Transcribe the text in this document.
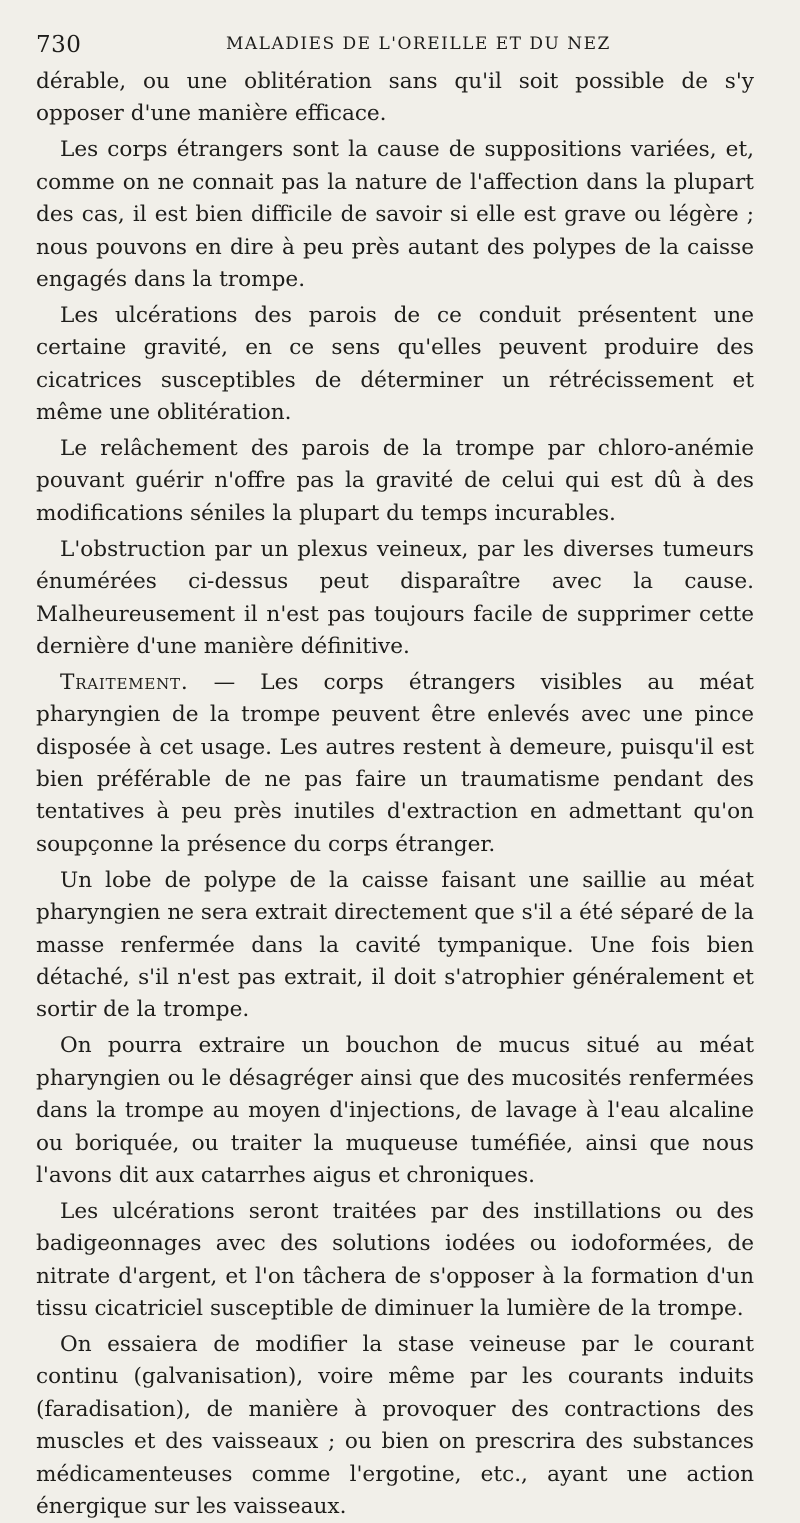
730	MALADIES DE L'OREILLE ET DU NEZ

dérable, ou une oblitération sans qu'il soit possible de s'y opposer d'une manière efficace.

Les corps étrangers sont la cause de suppositions variées, et, comme on ne connait pas la nature de l'affection dans la plupart des cas, il est bien difficile de savoir si elle est grave ou légère ; nous pouvons en dire à peu près autant des polypes de la caisse engagés dans la trompe.

Les ulcérations des parois de ce conduit présentent une certaine gravité, en ce sens qu'elles peuvent produire des cicatrices susceptibles de déterminer un rétrécissement et même une oblitération.

Le relâchement des parois de la trompe par chloro-anémie pouvant guérir n'offre pas la gravité de celui qui est dû à des modifications séniles la plupart du temps incurables.

L'obstruction par un plexus veineux, par les diverses tumeurs énumérées ci-dessus peut disparaître avec la cause. Malheureusement il n'est pas toujours facile de supprimer cette dernière d'une manière définitive.

Traitement. — Les corps étrangers visibles au méat pharyngien de la trompe peuvent être enlevés avec une pince disposée à cet usage. Les autres restent à demeure, puisqu'il est bien préférable de ne pas faire un traumatisme pendant des tentatives à peu près inutiles d'extraction en admettant qu'on soupçonne la présence du corps étranger.

Un lobe de polype de la caisse faisant une saillie au méat pharyngien ne sera extrait directement que s'il a été séparé de la masse renfermée dans la cavité tympanique. Une fois bien détaché, s'il n'est pas extrait, il doit s'atrophier généralement et sortir de la trompe.

On pourra extraire un bouchon de mucus situé au méat pharyngien ou le désagréger ainsi que des mucosités renfermées dans la trompe au moyen d'injections, de lavage à l'eau alcaline ou boriquée, ou traiter la muqueuse tuméfiée, ainsi que nous l'avons dit aux catarrhes aigus et chroniques.

Les ulcérations seront traitées par des instillations ou des badigeonnages avec des solutions iodées ou iodoformées, de nitrate d'argent, et l'on tâchera de s'opposer à la formation d'un tissu cicatriciel susceptible de diminuer la lumière de la trompe.

On essaiera de modifier la stase veineuse par le courant continu (galvanisation), voire même par les courants induits (faradisation), de manière à provoquer des contractions des muscles et des vaisseaux ; ou bien on prescrira des substances médicamenteuses comme l'ergotine, etc., ayant une action énergique sur les vaisseaux.
